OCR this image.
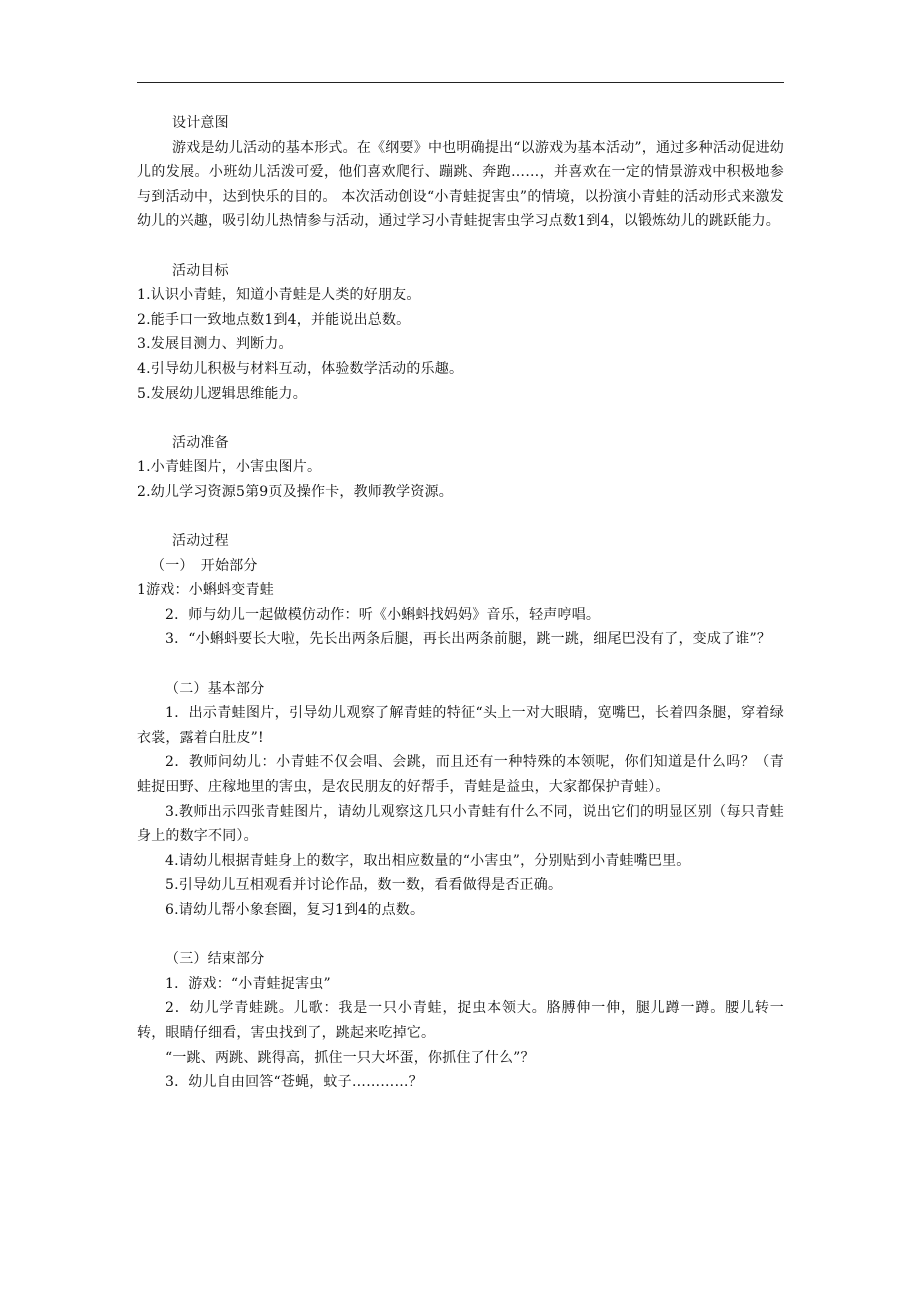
设计意图

游戏是幼儿活动的基本形式。在《纲要》中也明确提出“以游戏为基本活动”，通过多种活动促进幼儿的发展。小班幼儿活泼可爱，他们喜欢爬行、蹦跳、奔跑……，并喜欢在一定的情景游戏中积极地参与到活动中，达到快乐的目的。 本次活动创设“小青蛙捉害虫”的情境，以扮演小青蛙的活动形式来激发幼儿的兴趣，吸引幼儿热情参与活动，通过学习小青蛙捉害虫学习点数1到4，以锻炼幼儿的跳跃能力。

活动目标

1.认识小青蛙，知道小青蛙是人类的好朋友。

2.能手口一致地点数1到4，并能说出总数。

3.发展目测力、判断力。

4.引导幼儿积极与材料互动，体验数学活动的乐趣。

5.发展幼儿逻辑思维能力。

活动准备

1.小青蛙图片，小害虫图片。

2.幼儿学习资源5第9页及操作卡，教师教学资源。

活动过程

（一）　开始部分

1游戏：小蝌蚪变青蛙

2．师与幼儿一起做模仿动作：听《小蝌蚪找妈妈》音乐，轻声哼唱。

3．“小蝌蚪要长大啦，先长出两条后腿，再长出两条前腿，跳一跳，细尾巴没有了，变成了谁”？

（二）基本部分

1．出示青蛙图片，引导幼儿观察了解青蛙的特征“头上一对大眼睛，宽嘴巴，长着四条腿，穿着绿衣裳，露着白肚皮”!

2．教师问幼儿：小青蛙不仅会唱、会跳，而且还有一种特殊的本领呢，你们知道是什么吗？（青蛙捉田野、庄稼地里的害虫，是农民朋友的好帮手，青蛙是益虫，大家都保护青蛙）。

3.教师出示四张青蛙图片，请幼儿观察这几只小青蛙有什么不同，说出它们的明显区别（每只青蛙身上的数字不同）。

4.请幼儿根据青蛙身上的数字，取出相应数量的“小害虫”，分别贴到小青蛙嘴巴里。

5.引导幼儿互相观看并讨论作品，数一数，看看做得是否正确。

6.请幼儿帮小象套圈，复习1到4的点数。

（三）结束部分

1．游戏：“小青蛙捉害虫”

2．幼儿学青蛙跳。儿歌：我是一只小青蛙，捉虫本领大。胳膊伸一伸，腿儿蹲一蹲。腰儿转一转，眼睛仔细看，害虫找到了，跳起来吃掉它。

“一跳、两跳、跳得高，抓住一只大坏蛋，你抓住了什么”？

3．幼儿自由回答“苍蝇，蚊子…………？
